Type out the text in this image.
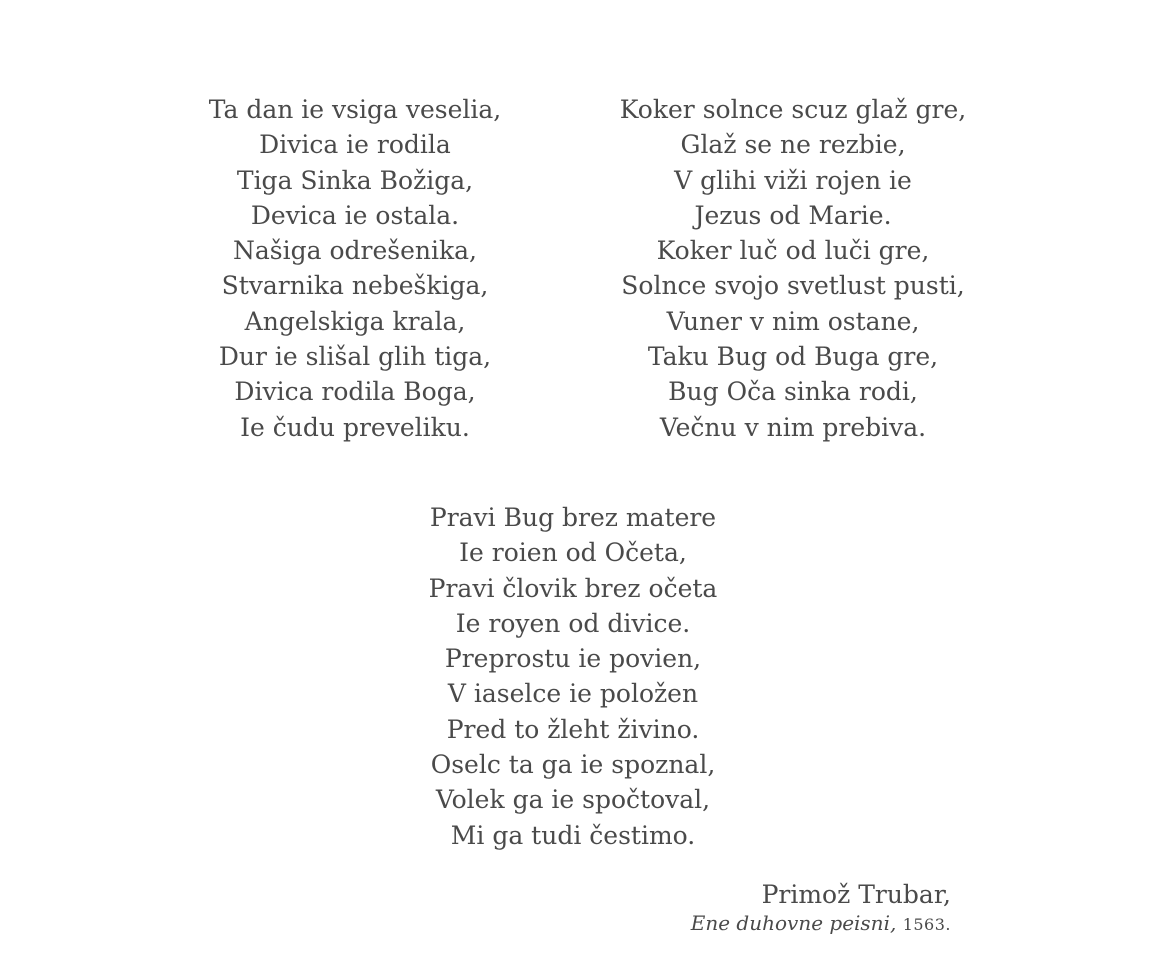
Ta dan ie vsiga veselia,
Divica ie rodila
Tiga Sinka Božiga,
Devica ie ostala.
Našiga odrešenika,
Stvarnika nebeškiga,
Angelskiga krala,
Dur ie slišal glih tiga,
Divica rodila Boga,
Ie čudu preveliku.
Koker solnce scuz glaž gre,
Glaž se ne rezbie,
V glihi viži rojen ie
Jezus od Marie.
Koker luč od luči gre,
Solnce svojo svetlust pusti,
Vuner v nim ostane,
Taku Bug od Buga gre,
Bug Oča sinka rodi,
Večnu v nim prebiva.
Pravi Bug brez matere
Ie roien od Očeta,
Pravi človik brez očeta
Ie royen od divice.
Preprostu ie povien,
V iaselce ie položen
Pred to žleht živino.
Oselc ta ga ie spoznal,
Volek ga ie spočtoval,
Mi ga tudi čestimo.
Primož Trubar,
Ene duhovne peisni, 1563.
